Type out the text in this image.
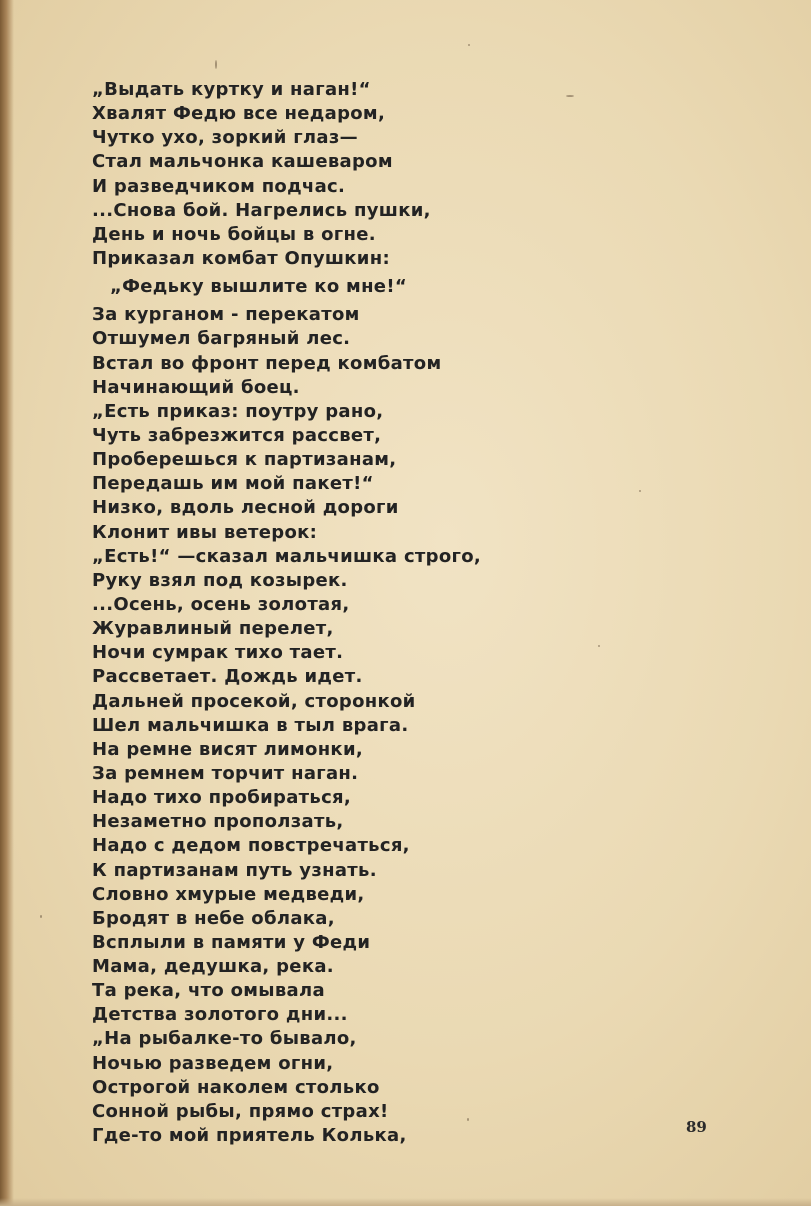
„Выдать куртку и наган!“
Хвалят Федю все недаром,
Чутко ухо, зоркий глаз—
Стал мальчонка кашеваром
И разведчиком подчас.
...Снова бой. Нагрелись пушки,
День и ночь бойцы в огне.
Приказал комбат Опушкин:
„Федьку вышлите ко мне!“
За курганом - перекатом
Отшумел багряный лес.
Встал во фронт перед комбатом
Начинающий боец.
„Есть приказ: поутру рано,
Чуть забрезжится рассвет,
Проберешься к партизанам,
Передашь им мой пакет!“
Низко, вдоль лесной дороги
Клонит ивы ветерок:
„Есть!“ —сказал мальчишка строго,
Руку взял под козырек.
...Осень, осень золотая,
Журавлиный перелет,
Ночи сумрак тихо тает.
Рассветает. Дождь идет.
Дальней просекой, сторонкой
Шел мальчишка в тыл врага.
На ремне висят лимонки,
За ремнем торчит наган.
Надо тихо пробираться,
Незаметно проползать,
Надо с дедом повстречаться,
К партизанам путь узнать.
Словно хмурые медведи,
Бродят в небе облака,
Всплыли в памяти у Феди
Мама, дедушка, река.
Та река, что омывала
Детства золотого дни...
„На рыбалке-то бывало,
Ночью разведем огни,
Острогой наколем столько
Сонной рыбы, прямо страх!
Где-то мой приятель Колька,	89
